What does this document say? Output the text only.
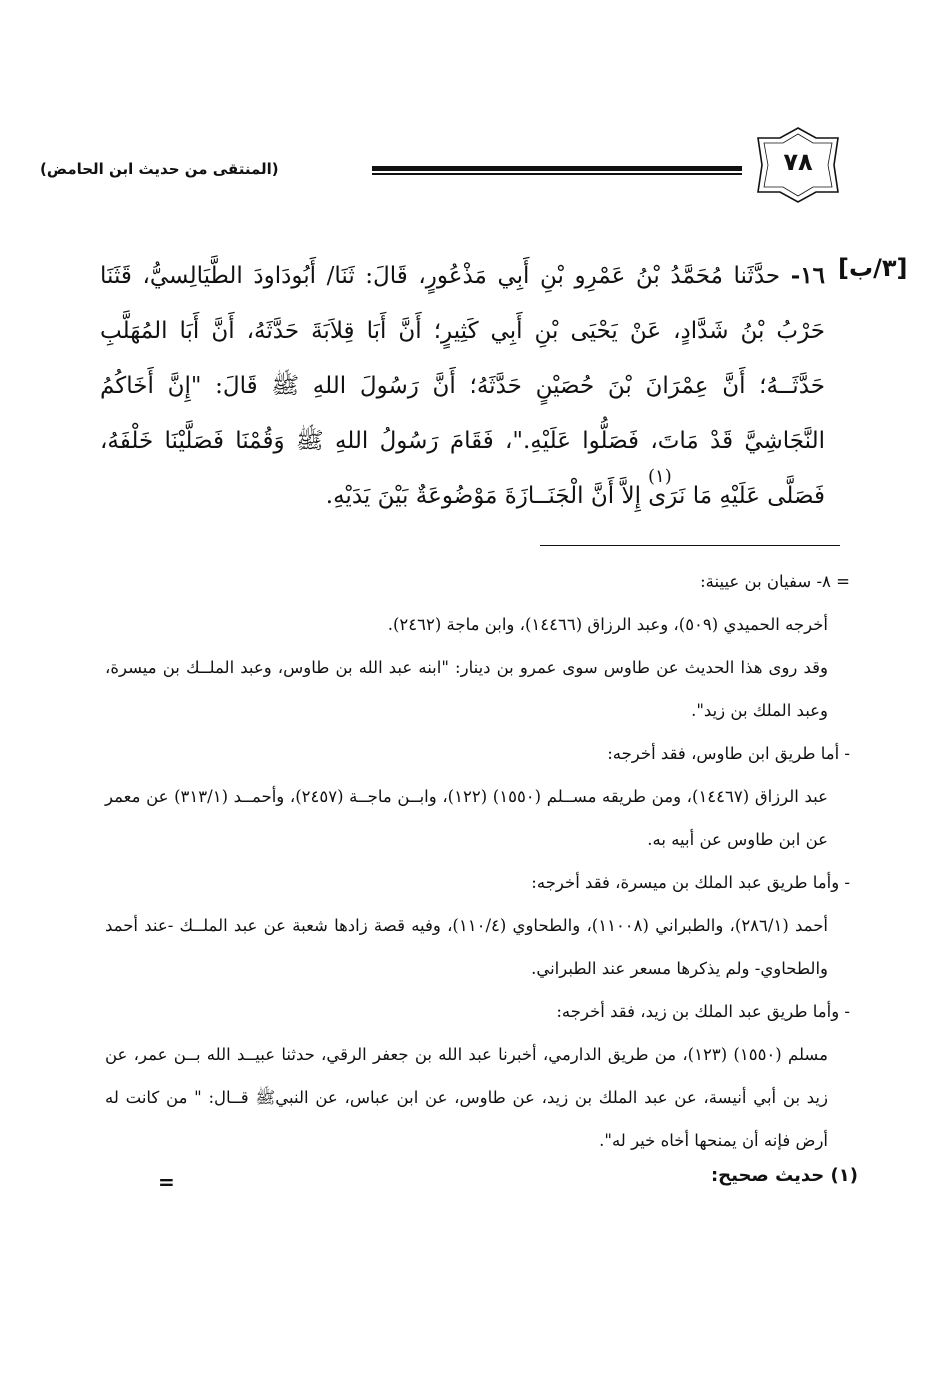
(المنتقى من حديث ابن الحامض)	٧٨
[٣/ب]
١٦- حدَّثَنا مُحَمَّدُ بْنُ عَمْرِو بْنِ أَبِي مَذْعُورٍ، قَالَ: ثَنَا/ أَبُودَاودَ الطَّيَالِسيُّ، قَثَنَا حَرْبُ بْنُ شَدَّادٍ، عَنْ يَحْيَى بْنِ أَبِي كَثِيرٍ؛ أَنَّ أَبَا قِلاَبَةَ حَدَّثَهُ، أَنَّ أَبَا المُهَلَّبِ حَدَّثَــهُ؛ أَنَّ عِمْرَانَ بْنَ حُصَيْنٍ حَدَّثَهُ؛ أَنَّ رَسُولَ اللهِ ﷺ قَالَ: "إِنَّ أَخَاكُمُ النَّجَاشِيَّ قَدْ مَاتَ، فَصَلُّوا عَلَيْهِ."، فَقَامَ رَسُولُ اللهِ ﷺ وَقُمْنَا فَصَلَّيْنَا خَلْفَهُ، فَصَلَّى عَلَيْهِ مَا نَرَى إِلاَّ أَنَّ الْجَنَــازَةَ مَوْضُوعَةٌ بَيْنَ يَدَيْهِ.
(١)

= ٨- سفيان بن عيينة:

أخرجه الحميدي (٥٠٩)، وعبد الرزاق (١٤٤٦٦)، وابن ماجة (٢٤٦٢).

وقد روى هذا الحديث عن طاوس سوى عمرو بن دينار: "ابنه عبد الله بن طاوس، وعبد الملــك بن ميسرة، وعبد الملك بن زيد".

- أما طريق ابن طاوس، فقد أخرجه:

عبد الرزاق (١٤٤٦٧)، ومن طريقه مســلم (١٥٥٠) (١٢٢)، وابــن ماجــة (٢٤٥٧)، وأحمــد (٣١٣/١) عن معمر عن ابن طاوس عن أبيه به.

- وأما طريق عبد الملك بن ميسرة، فقد أخرجه:

أحمد (٢٨٦/١)، والطبراني (١١٠٠٨)، والطحاوي (١١٠/٤)، وفيه قصة زادها شعبة عن عبد الملــك -عند أحمد والطحاوي- ولم يذكرها مسعر عند الطبراني.

- وأما طريق عبد الملك بن زيد، فقد أخرجه:

مسلم (١٥٥٠) (١٢٣)، من طريق الدارمي، أخبرنا عبد الله بن جعفر الرقي، حدثنا عبيــد الله بــن عمر، عن زيد بن أبي أنيسة، عن عبد الملك بن زيد، عن طاوس، عن ابن عباس، عن النبيﷺ قــال: " من كانت له أرض فإنه أن يمنحها أخاه خير له".

(١) حديث صحيح:
=
